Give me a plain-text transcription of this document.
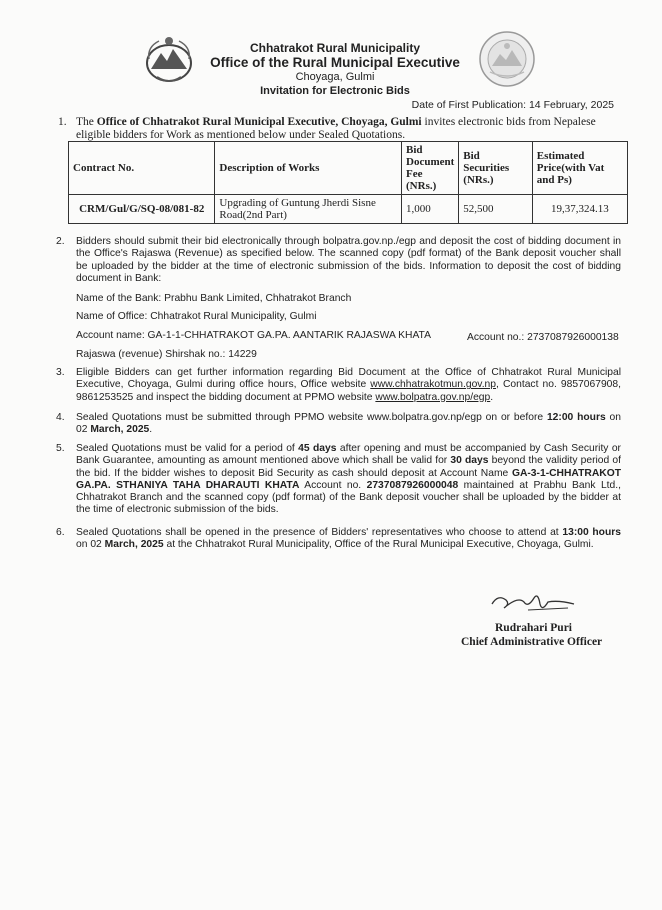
Chhatrakot Rural Municipality
Office of the Rural Municipal Executive
Choyaga, Gulmi
Invitation for Electronic Bids
Date of First Publication: 14 February, 2025
1. The Office of Chhatrakot Rural Municipal Executive, Choyaga, Gulmi invites electronic bids from Nepalese eligible bidders for Work as mentioned below under Sealed Quotations.
Contract No.	Description of Works	Bid Document Fee (NRs.)	Bid Securities (NRs.)	Estimated Price(with Vat and Ps)
CRM/Gul/G/SQ-08/081-82	Upgrading of Guntung Jherdi Sisne Road(2nd Part)	1,000	52,500	19,37,324.13
2. Bidders should submit their bid electronically through bolpatra.gov.np./egp and deposit the cost of bidding document in the Office's Rajaswa (Revenue) as specified below. The scanned copy (pdf format) of the Bank deposit voucher shall be uploaded by the bidder at the time of electronic submission of the bids. Information to deposit the cost of bidding document in Bank:
Name of the Bank: Prabhu Bank Limited, Chhatrakot Branch
Name of Office: Chhatrakot Rural Municipality, Gulmi
Account name: GA-1-1-CHHATRAKOT GA.PA. AANTARIK RAJASWA KHATA	Account no.: 2737087926000138
Rajaswa (revenue) Shirshak no.: 14229
3. Eligible Bidders can get further information regarding Bid Document at the Office of Chhatrakot Rural Municipal Executive, Choyaga, Gulmi during office hours, Office website www.chhatrakotmun.gov.np, Contact no. 9857067908, 9861253525 and inspect the bidding document at PPMO website www.bolpatra.gov.np/egp.
4. Sealed Quotations must be submitted through PPMO website www.bolpatra.gov.np/egp on or before 12:00 hours on 02 March, 2025.
5. Sealed Quotations must be valid for a period of 45 days after opening and must be accompanied by Cash Security or Bank Guarantee, amounting as amount mentioned above which shall be valid for 30 days beyond the validity period of the bid. If the bidder wishes to deposit Bid Security as cash should deposit at Account Name GA-3-1-CHHATRAKOT GA.PA. STHANIYA TAHA DHARAUTI KHATA Account no. 2737087926000048 maintained at Prabhu Bank Ltd., Chhatrakot Branch and the scanned copy (pdf format) of the Bank deposit voucher shall be uploaded by the bidder at the time of electronic submission of the bids.
6. Sealed Quotations shall be opened in the presence of Bidders' representatives who choose to attend at 13:00 hours on 02 March, 2025 at the Chhatrakot Rural Municipality, Office of the Rural Municipal Executive, Choyaga, Gulmi.
Rudrahari Puri
Chief Administrative Officer
